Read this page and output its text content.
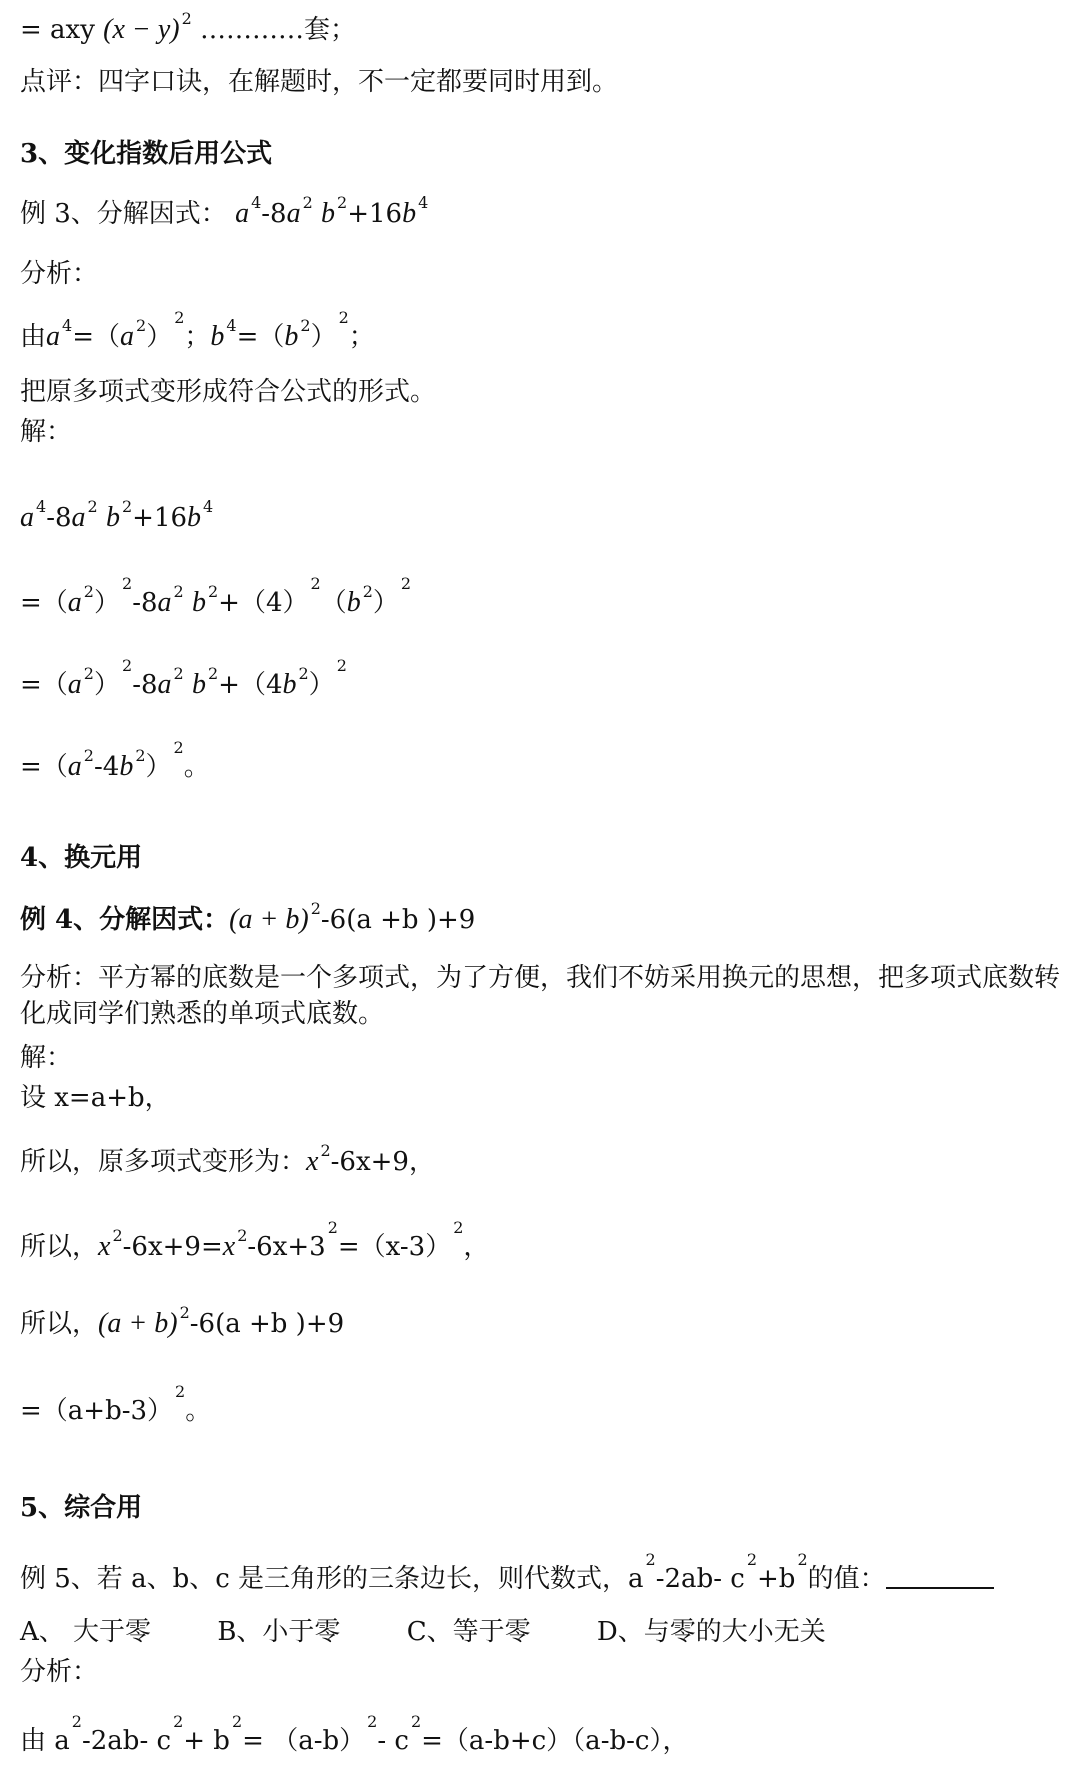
= axy (x − y) $^2$ …………套；
点评：四字口诀，在解题时，不一定都要同时用到。
3、变化指数后用公式
例 3、分解因式： a $^4$-8a $^2$ b $^2$+16b $^4$
分析：
由a $^4$=（a $^2$）$^2$；b $^4$=（b $^2$）$^2$；
把原多项式变形成符合公式的形式。
解：
a $^4$-8a $^2$ b $^2$+16b $^4$
=（a $^2$）$^2$-8a $^2$ b $^2+(4)^2(b$ $^2$）$^2$
=（a $^2$）$^2$-8a $^2$ b $^2$+（4b $^2$）$^2$
=（a $^2$-4b $^2$）$^2$。
4、换元用
例 4、分解因式：(a + b) $^2$-6(a +b )+9
分析：平方幂的底数是一个多项式，为了方便，我们不妨采用换元的思想，把多项式底数转化成同学们熟悉的单项式底数。
解：
设 x=a+b，
所以，原多项式变形为：x $^2$-6x+9，
所以，x $^2$-6x+9=x $^2-6x+3^2=(x-3)^2$，
所以，(a + b) $^2$-6(a +b )+9
$=(a+b-3)^2$。
5、综合用
例 5、若 a、b、c 是三角形的三条边长，则代数式，$a^2-2ab-$ $c^2+b^2$的值：
A、 大于零	B、小于零	C、等于零	D、与零的大小无关
分析：
由 $a^2-2ab-$ $c^2+ b^2= (a-b)^2-$ $c^2=(a-b+c)(a-b-c)$，
